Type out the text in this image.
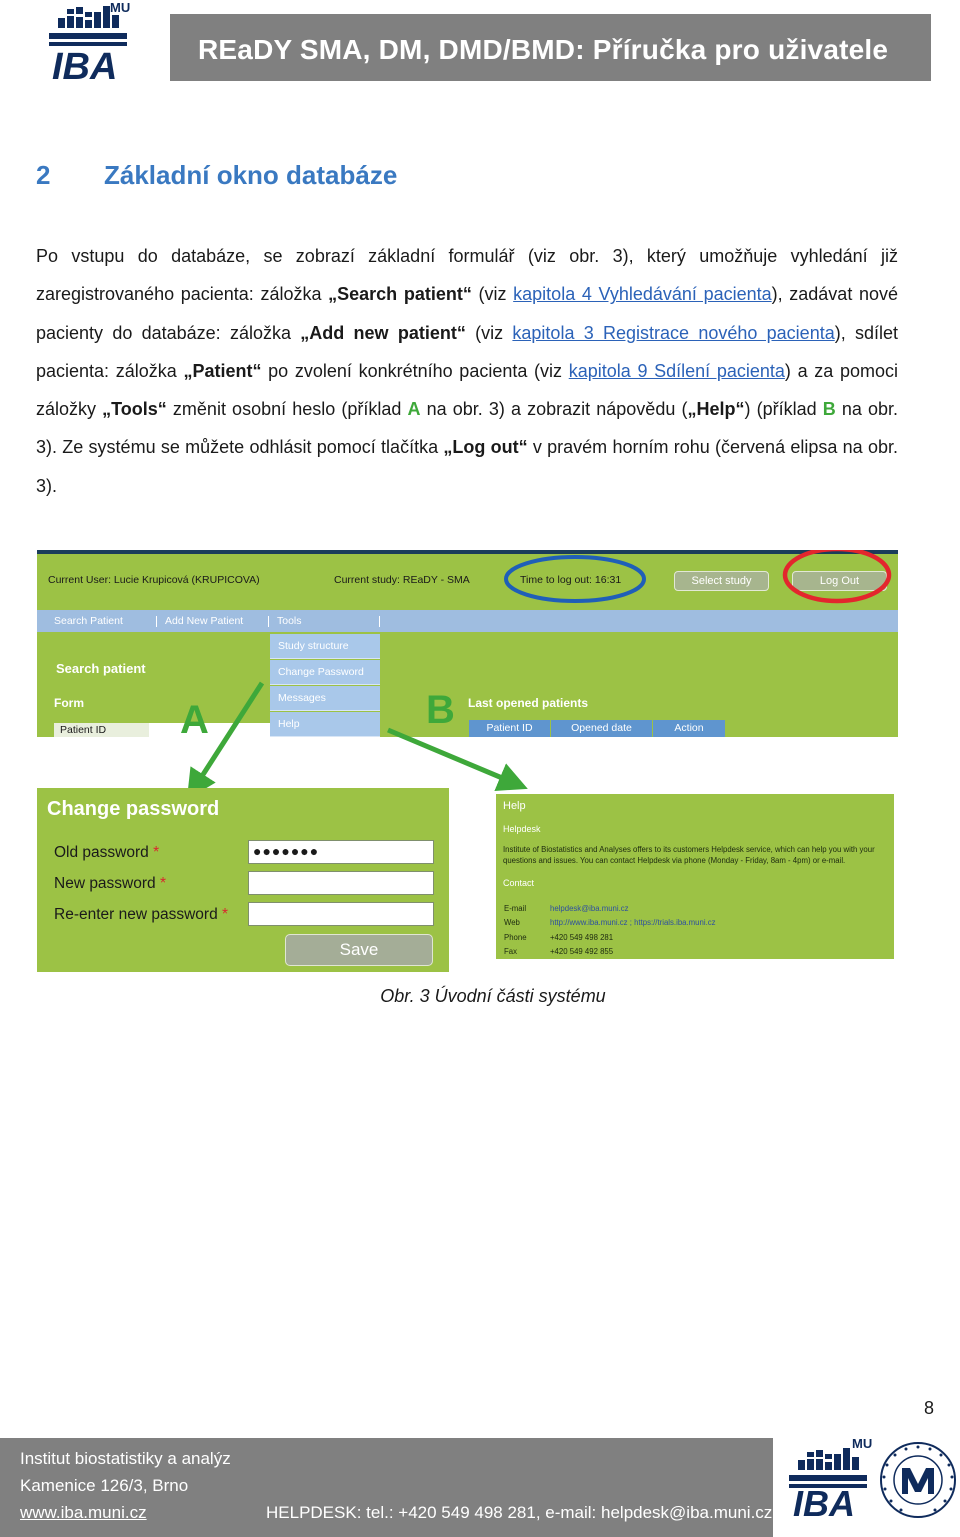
MU
IBA	REaDY SMA, DM, DMD/BMD: Příručka pro uživatele
2 Základní okno databáze
Po vstupu do databáze, se zobrazí základní formulář (viz obr. 3), který umožňuje vyhledání již zaregistrovaného pacienta: záložka „Search patient“ (viz kapitola 4 Vyhledávání pacienta), zadávat nové pacienty do databáze: záložka „Add new patient“ (viz kapitola 3 Registrace nového pacienta), sdílet pacienta: záložka „Patient“ po zvolení konkrétního pacienta (viz kapitola 9 Sdílení pacienta) a za pomoci záložky „Tools“ změnit osobní heslo (příklad A na obr. 3) a zobrazit nápovědu („Help“) (příklad B na obr. 3). Ze systému se můžete odhlásit pomocí tlačítka „Log out“ v pravém horním rohu (červená elipsa na obr. 3).
Current User: Lucie Krupicová (KRUPICOVA)	Current study: REaDY - SMA	Time to log out: 16:31	Select study	Log Out
Search Patient	Add New Patient	Tools
Study structure
Change Password
Messages
Help
Search patient
Form
Patient ID
Last opened patients
Patient ID	Opened date	Action
A	B
Change password
Old password *	●●●●●●●
New password *
Re-enter new password *
Save
Help
Helpdesk
Institute of Biostatistics and Analyses offers to its customers Helpdesk service, which can help you with your questions and issues. You can contact Helpdesk via phone (Monday - Friday, 8am - 4pm) or e-mail.
Contact
E-mail	helpdesk@iba.muni.cz
Web	http://www.iba.muni.cz ; https://trials.iba.muni.cz
Phone	+420 549 498 281
Fax	+420 549 492 855
Obr. 3 Úvodní části systému
8
Institut biostatistiky a analýz
Kamenice 126/3, Brno
www.iba.muni.cz	HELPDESK: tel.: +420 549 498 281, e-mail: helpdesk@iba.muni.cz
MU
IBA
